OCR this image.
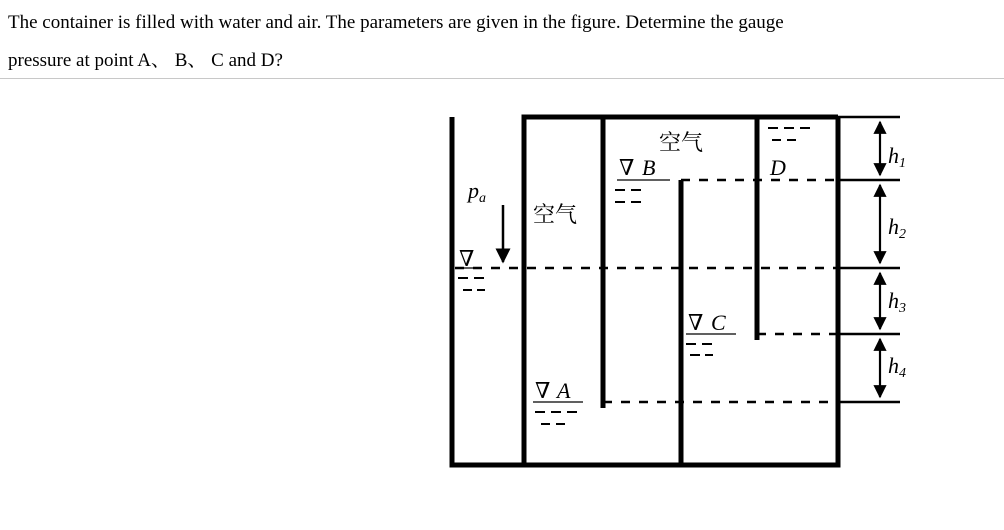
The container is filled with water and air. The parameters are given in the figure. Determine the gauge

pressure at point A、 B、 C and D?

h1
h2
h3
h4
空气
空气
pa
∇
∇
∇
∇
B
C
A
D
